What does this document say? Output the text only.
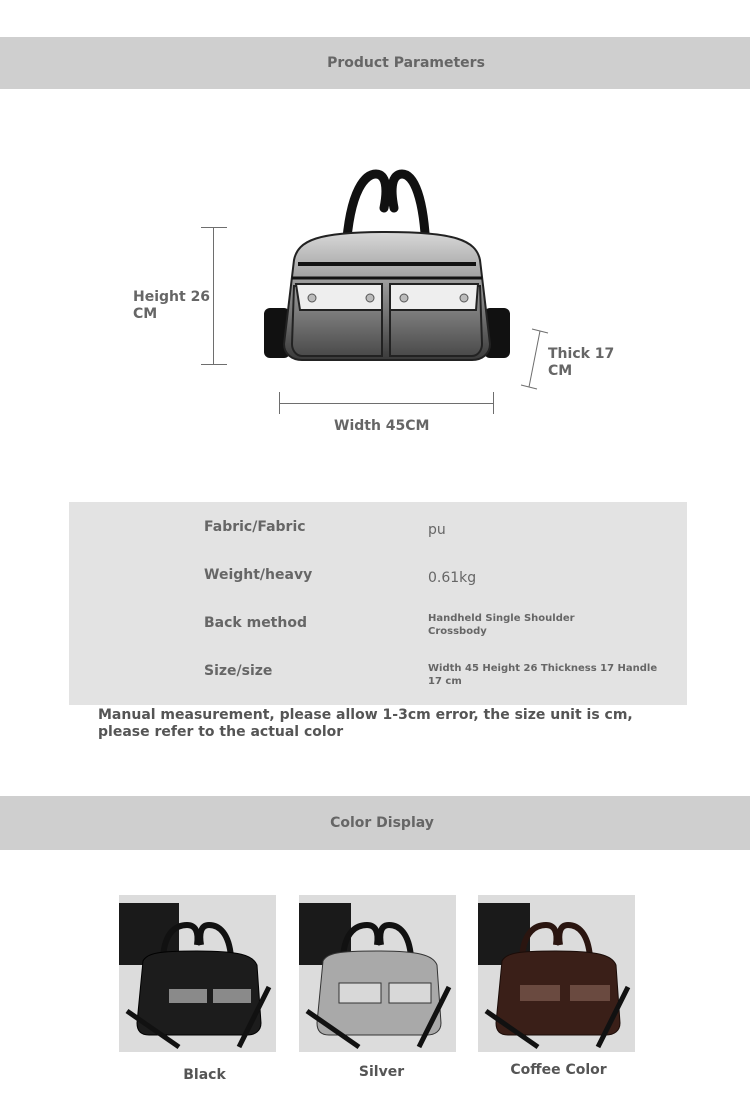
Product Parameters
Height 26 CM
Width 45CM
Thick 17 CM
Fabric/Fabric	pu
Weight/heavy	0.61kg
Back method	Handheld Single Shoulder Crossbody
Size/size	Width 45 Height 26 Thickness 17 Handle 17 cm
Manual measurement, please allow 1-3cm error, the size unit is cm, please refer to the actual color
Color Display
Black	Silver	Coffee Color
